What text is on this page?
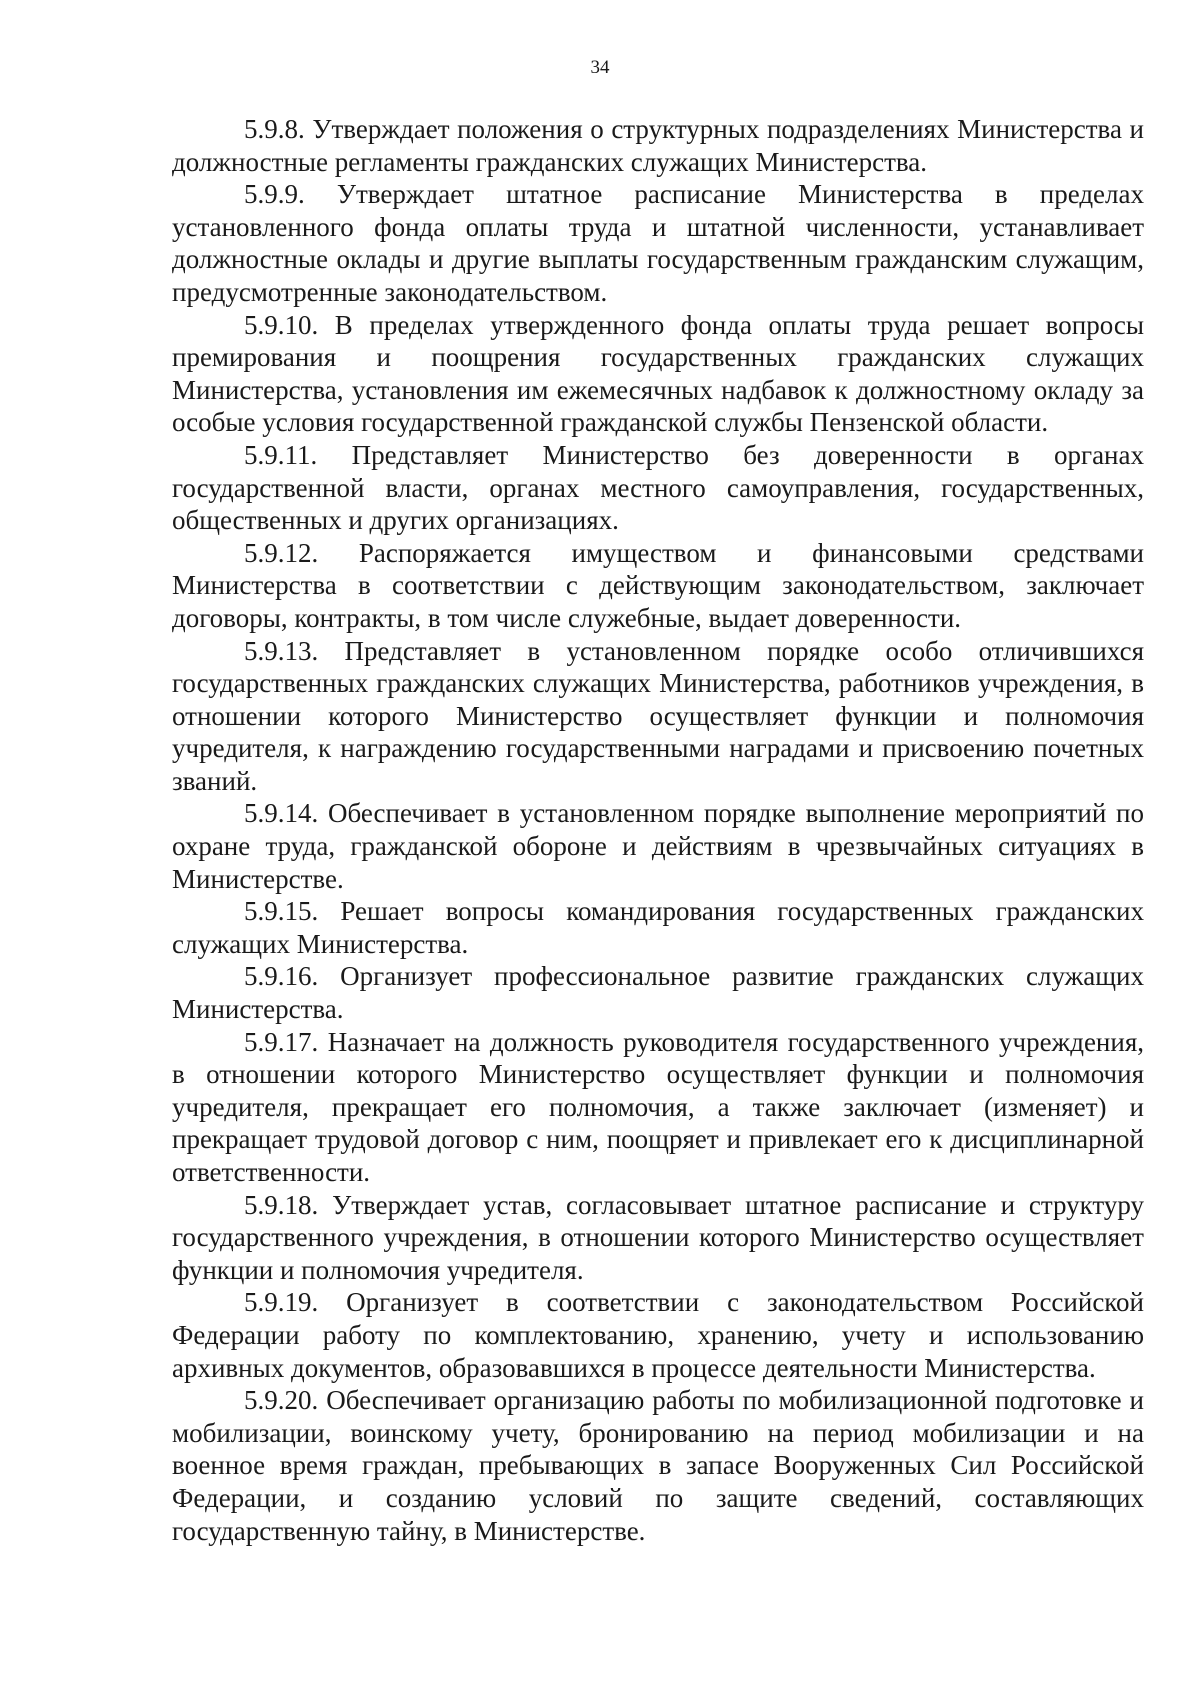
34

5.9.8. Утверждает положения о структурных подразделениях Министерства и должностные регламенты гражданских служащих Министерства.

5.9.9. Утверждает штатное расписание Министерства в пределах установленного фонда оплаты труда и штатной численности, устанавливает должностные оклады и другие выплаты государственным гражданским служащим, предусмотренные законодательством.

5.9.10. В пределах утвержденного фонда оплаты труда решает вопросы премирования и поощрения государственных гражданских служащих Министерства, установления им ежемесячных надбавок к должностному окладу за особые условия государственной гражданской службы Пензенской области.

5.9.11. Представляет Министерство без доверенности в органах государственной власти, органах местного самоуправления, государственных, общественных и других организациях.

5.9.12. Распоряжается имуществом и финансовыми средствами Министерства в соответствии с действующим законодательством, заключает договоры, контракты, в том числе служебные, выдает доверенности.

5.9.13. Представляет в установленном порядке особо отличившихся государственных гражданских служащих Министерства, работников учреждения, в отношении которого Министерство осуществляет функции и полномочия учредителя, к награждению государственными наградами и присвоению почетных званий.

5.9.14. Обеспечивает в установленном порядке выполнение мероприятий по охране труда, гражданской обороне и действиям в чрезвычайных ситуациях в Министерстве.

5.9.15. Решает вопросы командирования государственных гражданских служащих Министерства.

5.9.16. Организует профессиональное развитие гражданских служащих Министерства.

5.9.17. Назначает на должность руководителя государственного учреждения, в отношении которого Министерство осуществляет функции и полномочия учредителя, прекращает его полномочия, а также заключает (изменяет) и прекращает трудовой договор с ним, поощряет и привлекает его к дисциплинарной ответственности.

5.9.18. Утверждает устав, согласовывает штатное расписание и структуру государственного учреждения, в отношении которого Министерство осуществляет функции и полномочия учредителя.

5.9.19. Организует в соответствии с законодательством Российской Федерации работу по комплектованию, хранению, учету и использованию архивных документов, образовавшихся в процессе деятельности Министерства.

5.9.20. Обеспечивает организацию работы по мобилизационной подготовке и мобилизации, воинскому учету, бронированию на период мобилизации и на военное время граждан, пребывающих в запасе Вооруженных Сил Российской Федерации, и созданию условий по защите сведений, составляющих государственную тайну, в Министерстве.
